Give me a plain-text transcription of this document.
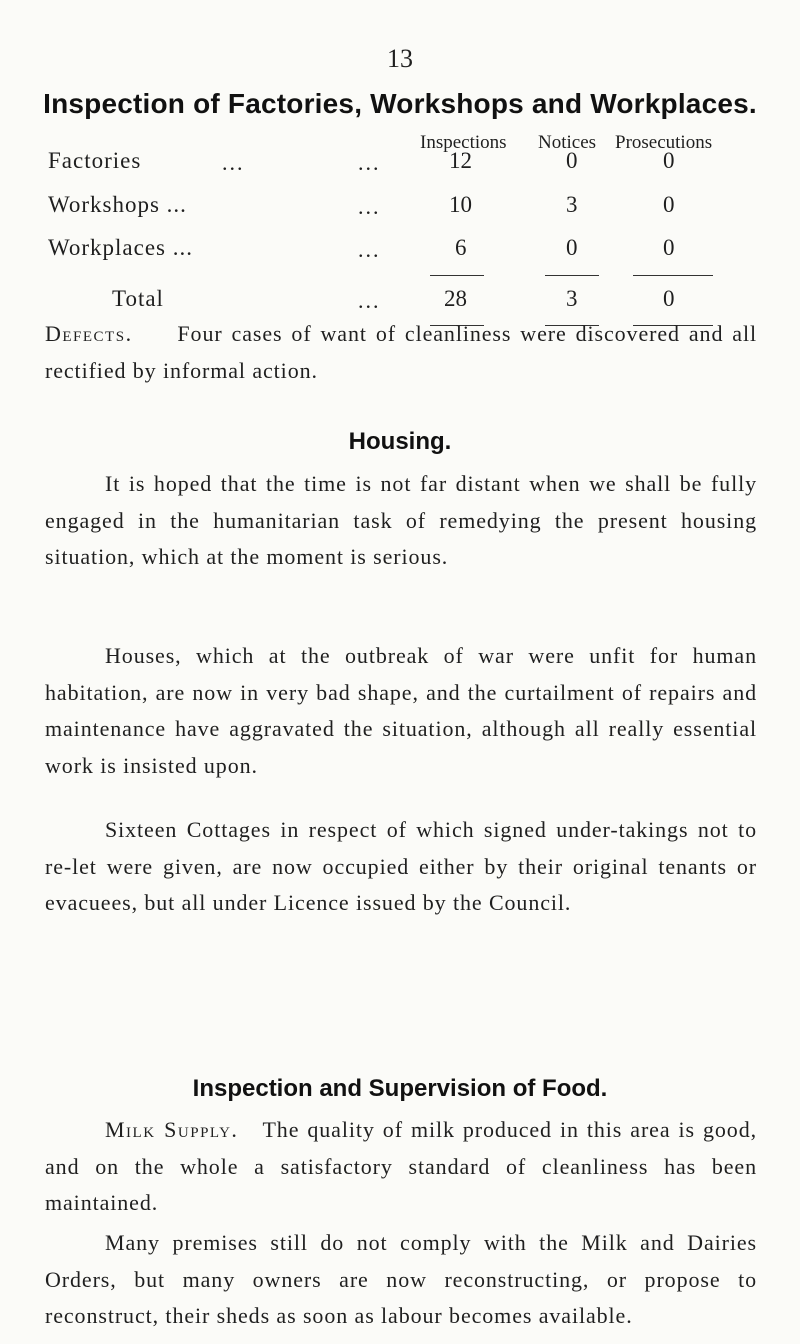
13
Inspection of Factories, Workshops and Workplaces.
Inspections Notices Prosecutions
Factories	...	...	12	0	0
Workshops ...	...	10	3	0
Workplaces ...	...	6	0	0
Total	...	28	3	0

Defects. Four cases of want of cleanliness were discovered and all rectified by informal action.

Housing.

It is hoped that the time is not far distant when we shall be fully engaged in the humanitarian task of remedying the present housing situation, which at the moment is serious.

Houses, which at the outbreak of war were unfit for human habitation, are now in very bad shape, and the curtailment of repairs and maintenance have aggravated the situation, although all really essential work is insisted upon.

Sixteen Cottages in respect of which signed under-takings not to re-let were given, are now occupied either by their original tenants or evacuees, but all under Licence issued by the Council.

Inspection and Supervision of Food.

Milk Supply. The quality of milk produced in this area is good, and on the whole a satisfactory standard of cleanliness has been maintained.

Many premises still do not comply with the Milk and Dairies Orders, but many owners are now reconstructing, or propose to reconstruct, their sheds as soon as labour becomes available.
